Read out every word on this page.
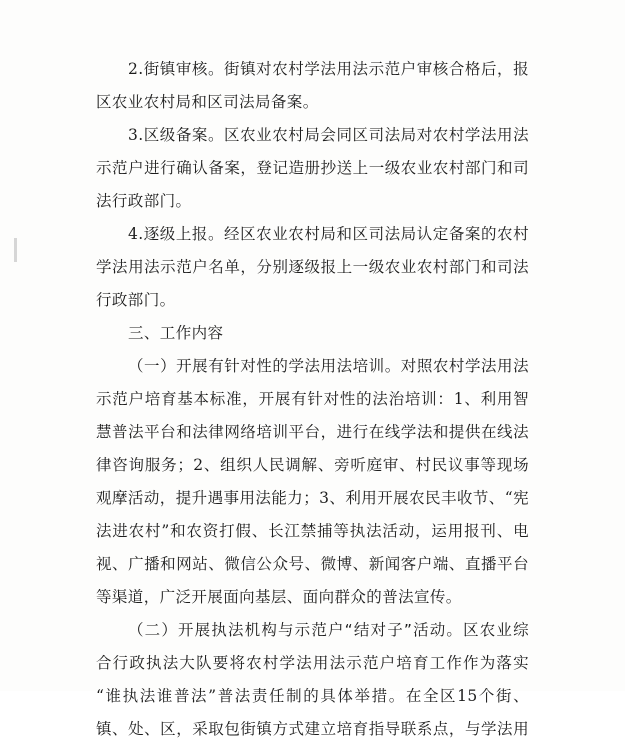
2.街镇审核。街镇对农村学法用法示范户审核合格后，报
区农业农村局和区司法局备案。
3.区级备案。区农业农村局会同区司法局对农村学法用法
示范户进行确认备案，登记造册抄送上一级农业农村部门和司
法行政部门。
4.逐级上报。经区农业农村局和区司法局认定备案的农村
学法用法示范户名单，分别逐级报上一级农业农村部门和司法
行政部门。
三、工作内容
（一）开展有针对性的学法用法培训。对照农村学法用法
示范户培育基本标准，开展有针对性的法治培训：1、利用智
慧普法平台和法律网络培训平台，进行在线学法和提供在线法
律咨询服务；2、组织人民调解、旁听庭审、村民议事等现场
观摩活动，提升遇事用法能力；3、利用开展农民丰收节、“宪
法进农村”和农资打假、长江禁捕等执法活动，运用报刊、电
视、广播和网站、微信公众号、微博、新闻客户端、直播平台
等渠道，广泛开展面向基层、面向群众的普法宣传。
（二）开展执法机构与示范户“结对子”活动。区农业综
合行政执法大队要将农村学法用法示范户培育工作作为落实
“谁执法谁普法”普法责任制的具体举措。在全区15个街、
镇、处、区，采取包街镇方式建立培育指导联系点，与学法用
